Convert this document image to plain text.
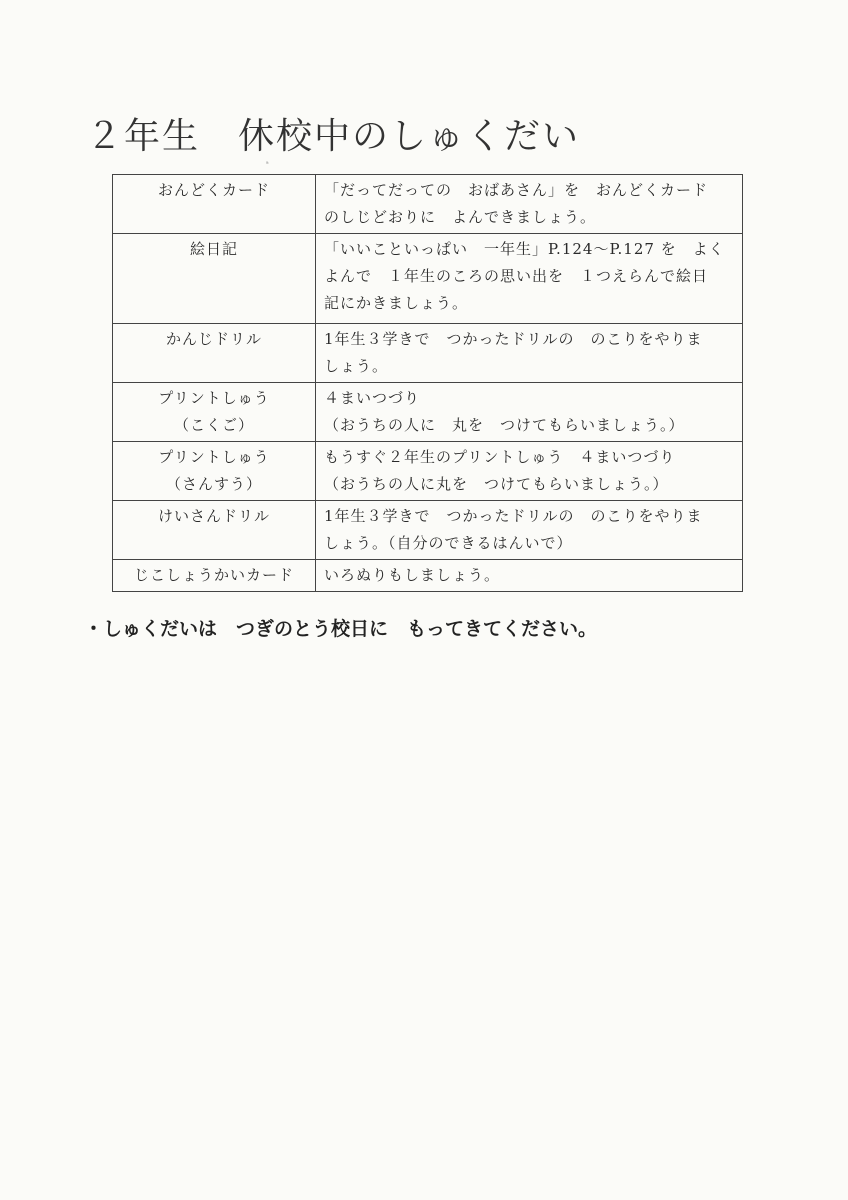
２年生　休校中のしゅくだい
ᵃ
おんどくカード	「だってだっての　おばあさん」を　おんどくカード
のしじどおりに　よんできましょう。

絵日記	「いいこといっぱい　一年生」P.124～P.127 を　よく
よんで　１年生のころの思い出を　１つえらんで絵日
記にかきましょう。

かんじドリル	1年生３学きで　つかったドリルの　のこりをやりま
しょう。

プリントしゅう
（こくご）	４まいつづり
（おうちの人に　丸を　つけてもらいましょう。）

プリントしゅう
（さんすう）	もうすぐ２年生のプリントしゅう　４まいつづり
（おうちの人に丸を　つけてもらいましょう。）

けいさんドリル	1年生３学きで　つかったドリルの　のこりをやりま
しょう。（自分のできるはんいで）

じこしょうかいカード	いろぬりもしましょう。
・しゅくだいは　つぎのとう校日に　もってきてください。
